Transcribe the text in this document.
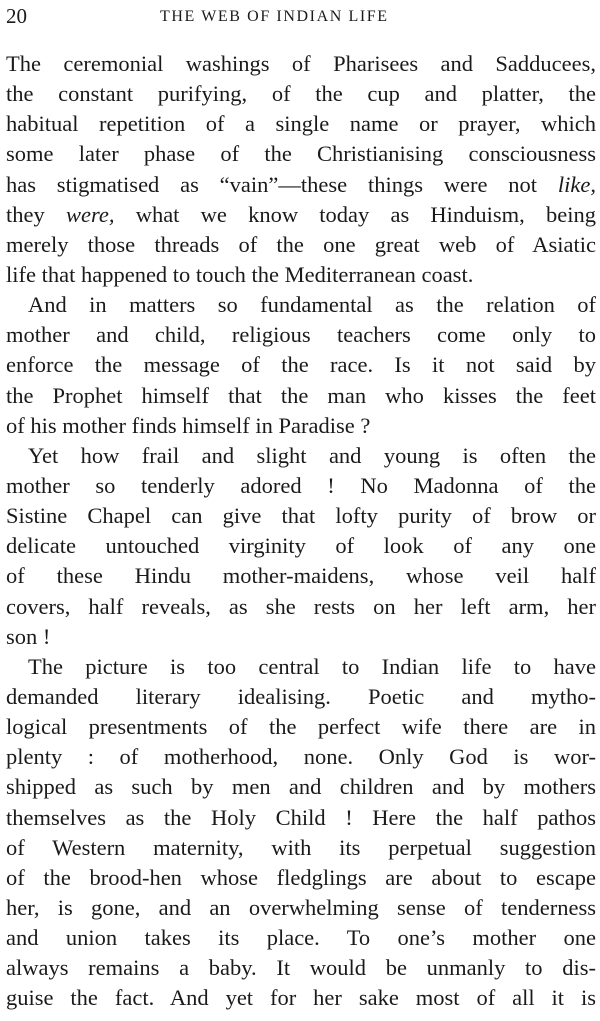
20	THE WEB OF INDIAN LIFE
The ceremonial washings of Pharisees and Sadducees,
the constant purifying, of the cup and platter, the
habitual repetition of a single name or prayer, which
some later phase of the Christianising consciousness
has stigmatised as “vain”—these things were not like,
they were, what we know today as Hinduism, being
merely those threads of the one great web of Asiatic
life that happened to touch the Mediterranean coast.
And in matters so fundamental as the relation of
mother and child, religious teachers come only to
enforce the message of the race. Is it not said by
the Prophet himself that the man who kisses the feet
of his mother finds himself in Paradise ?
Yet how frail and slight and young is often the
mother so tenderly adored ! No Madonna of the
Sistine Chapel can give that lofty purity of brow or
delicate untouched virginity of look of any one
of these Hindu mother-maidens, whose veil half
covers, half reveals, as she rests on her left arm, her
son !
The picture is too central to Indian life to have
demanded literary idealising. Poetic and mytho-
logical presentments of the perfect wife there are in
plenty : of motherhood, none. Only God is wor-
shipped as such by men and children and by mothers
themselves as the Holy Child ! Here the half pathos
of Western maternity, with its perpetual suggestion
of the brood-hen whose fledglings are about to escape
her, is gone, and an overwhelming sense of tenderness
and union takes its place. To one’s mother one
always remains a baby. It would be unmanly to dis-
guise the fact. And yet for her sake most of all it is
